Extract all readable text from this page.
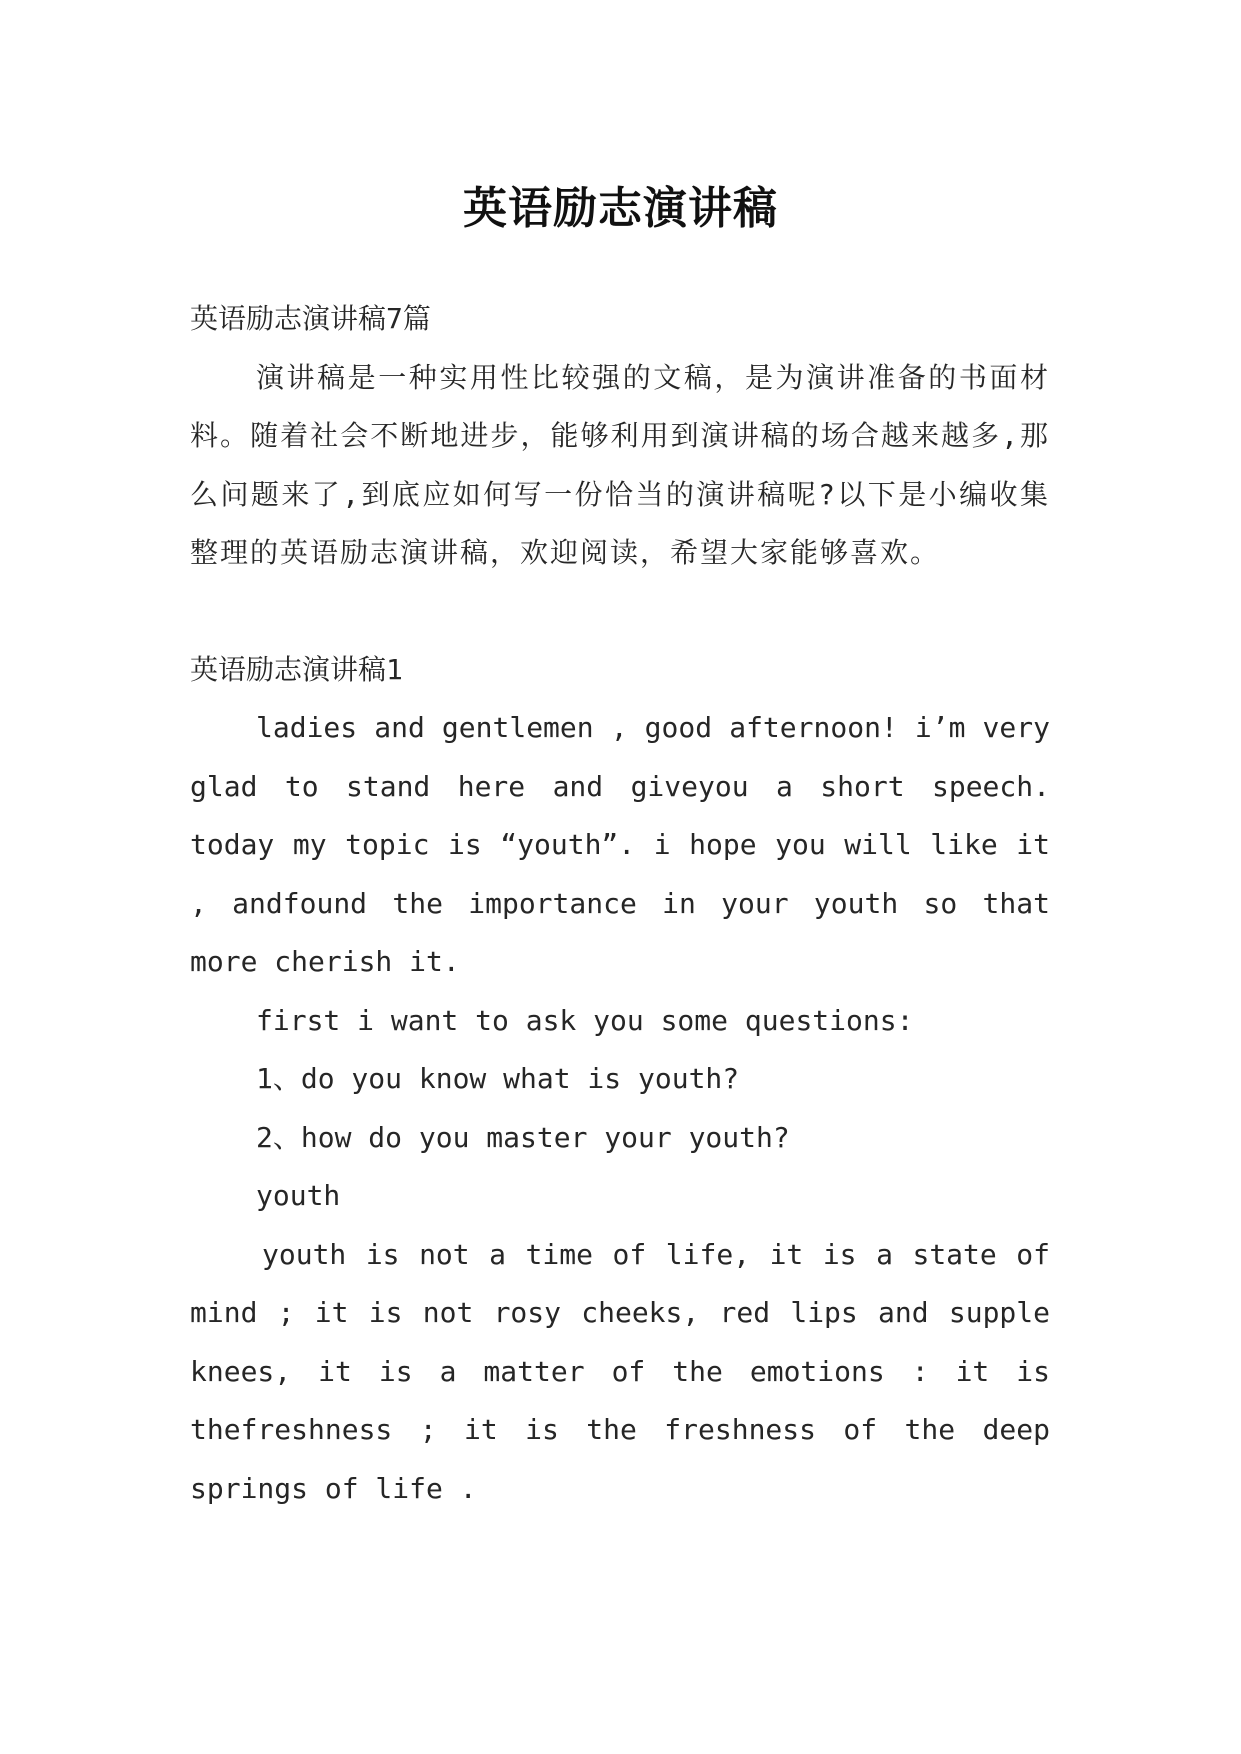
英语励志演讲稿

英语励志演讲稿7篇

演讲稿是一种实用性比较强的文稿，是为演讲准备的书面材料。随着社会不断地进步，能够利用到演讲稿的场合越来越多,那么问题来了,到底应如何写一份恰当的演讲稿呢?以下是小编收集整理的英语励志演讲稿，欢迎阅读，希望大家能够喜欢。

英语励志演讲稿1

ladies and gentlemen , good afternoon! i’m very glad to stand here and giveyou a short speech. today my topic is “youth”. i hope you will like it , andfound the importance in your youth so that more cherish it.

first i want to ask you some questions:

1、do you know what is youth?

2、how do you master your youth?

youth

youth is not a time of life, it is a state of mind ; it is not rosy cheeks, red lips and supple knees, it is a matter of the emotions : it is thefreshness ; it is the freshness of the deep springs of life .
